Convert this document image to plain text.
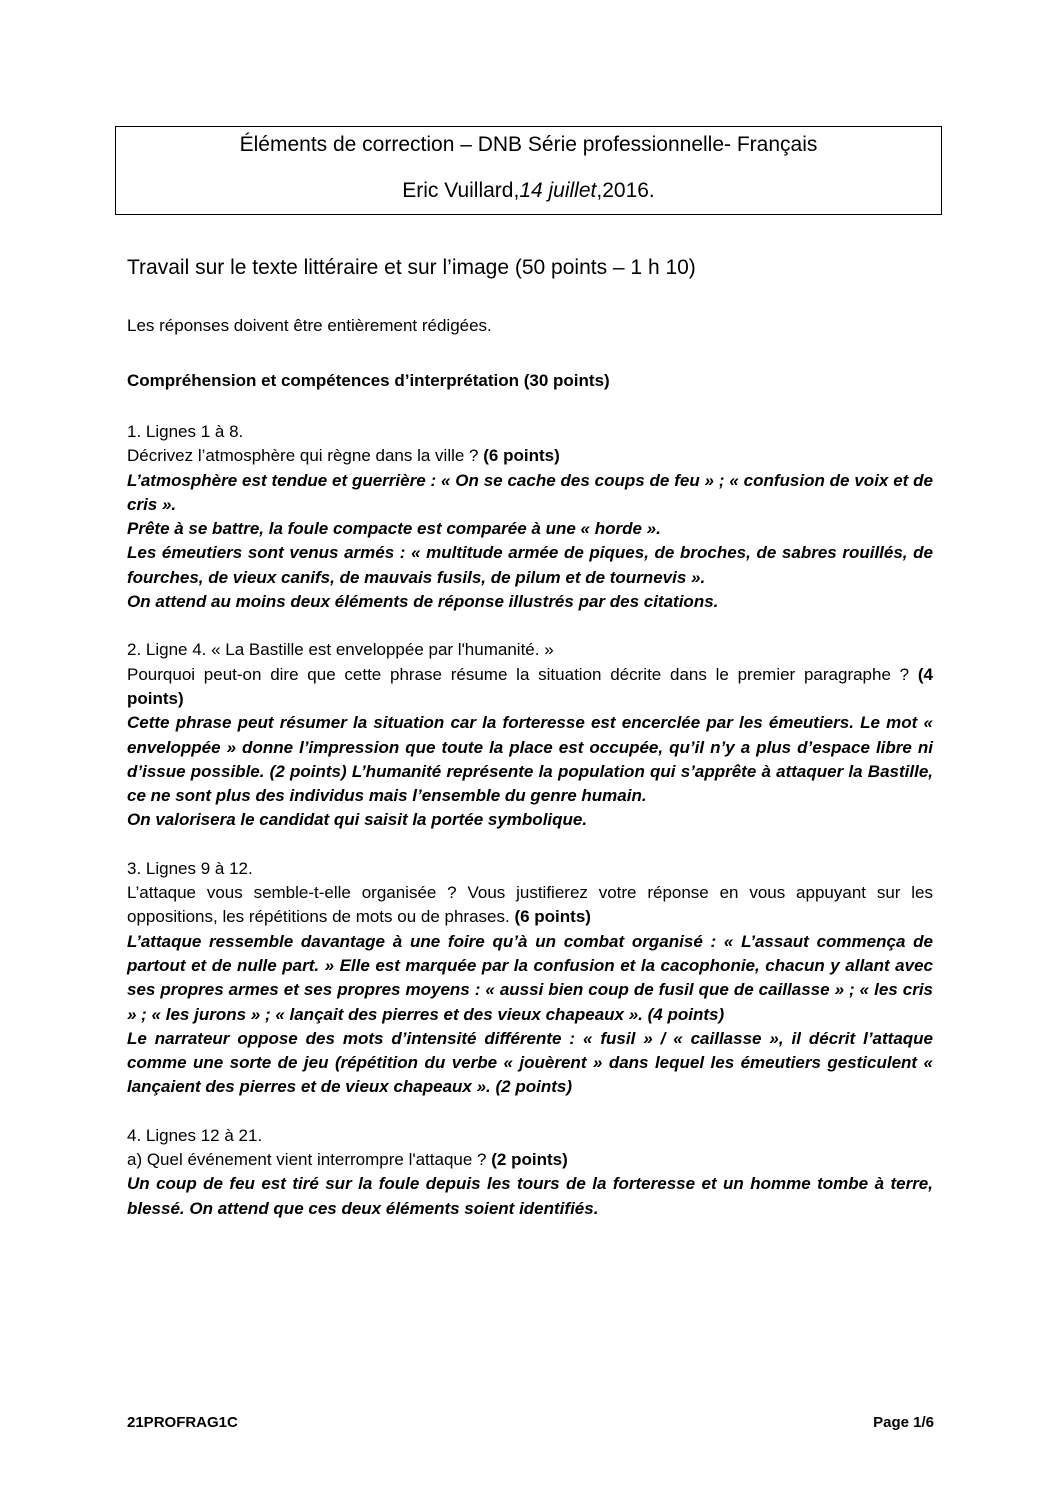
Éléments de correction – DNB Série professionnelle- Français
Eric Vuillard,14 juillet,2016.
Travail sur le texte littéraire et sur l’image (50 points – 1 h 10)
Les réponses doivent être entièrement rédigées.
Compréhension et compétences d’interprétation (30 points)

1. Lignes 1 à 8.

Décrivez l’atmosphère qui règne dans la ville ? (6 points)

L’atmosphère est tendue et guerrière : « On se cache des coups de feu » ; « confusion de voix et de cris ».

Prête à se battre, la foule compacte est comparée à une « horde ».

Les émeutiers sont venus armés : « multitude armée de piques, de broches, de sabres rouillés, de fourches, de vieux canifs, de mauvais fusils, de pilum et de tournevis ».

On attend au moins deux éléments de réponse illustrés par des citations.

2. Ligne 4. « La Bastille est enveloppée par l'humanité. »

Pourquoi peut-on dire que cette phrase résume la situation décrite dans le premier paragraphe ? (4 points)

Cette phrase peut résumer la situation car la forteresse est encerclée par les émeutiers. Le mot « enveloppée » donne l’impression que toute la place est occupée, qu’il n’y a plus d’espace libre ni d’issue possible. (2 points) L’humanité représente la population qui s’apprête à attaquer la Bastille, ce ne sont plus des individus mais l’ensemble du genre humain.

On valorisera le candidat qui saisit la portée symbolique.

3. Lignes 9 à 12.

L’attaque vous semble-t-elle organisée ? Vous justifierez votre réponse en vous appuyant sur les oppositions, les répétitions de mots ou de phrases. (6 points)

L’attaque ressemble davantage à une foire qu’à un combat organisé : « L’assaut commença de partout et de nulle part. » Elle est marquée par la confusion et la cacophonie, chacun y allant avec ses propres armes et ses propres moyens : « aussi bien coup de fusil que de caillasse » ; « les cris » ; « les jurons » ; « lançait des pierres et des vieux chapeaux ». (4 points)

Le narrateur oppose des mots d’intensité différente : « fusil » / « caillasse », il décrit l’attaque comme une sorte de jeu (répétition du verbe « jouèrent » dans lequel les émeutiers gesticulent « lançaient des pierres et de vieux chapeaux ». (2 points)

4. Lignes 12 à 21.

a) Quel événement vient interrompre l'attaque ? (2 points)

Un coup de feu est tiré sur la foule depuis les tours de la forteresse et un homme tombe à terre, blessé. On attend que ces deux éléments soient identifiés.

21PROFRAG1C	Page 1/6
